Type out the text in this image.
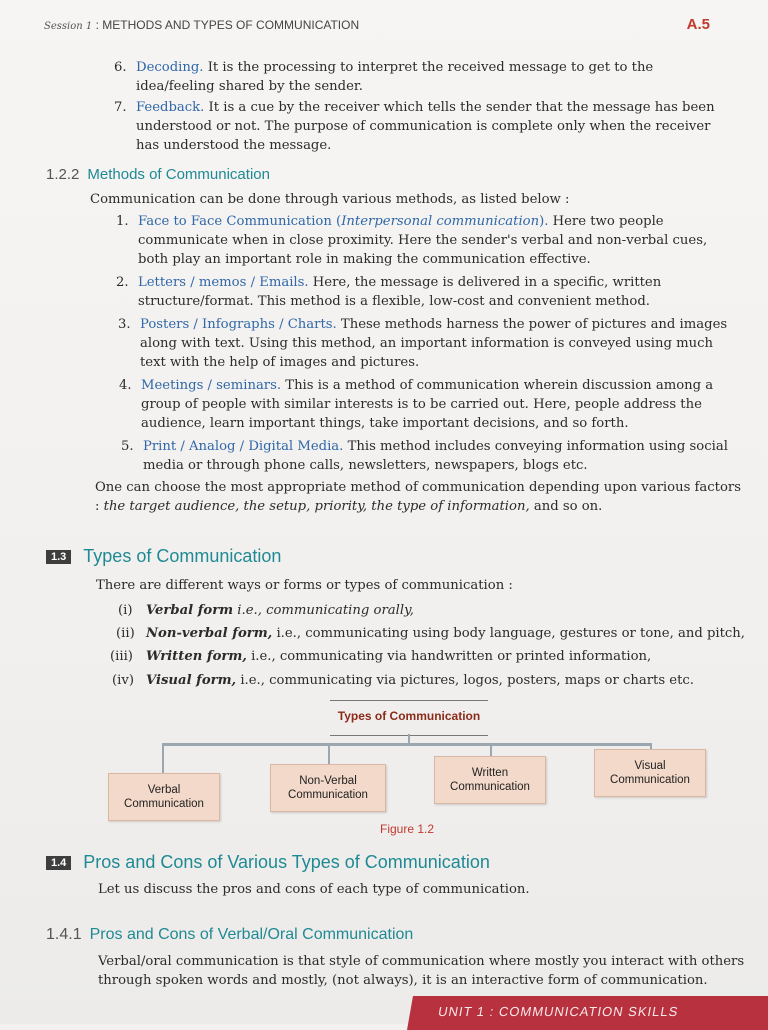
Session 1 : METHODS AND TYPES OF COMMUNICATION	A.5
6. Decoding. It is the processing to interpret the received message to get to the idea/feeling shared by the sender.
7. Feedback. It is a cue by the receiver which tells the sender that the message has been understood or not. The purpose of communication is complete only when the receiver has understood the message.
1.2.2 Methods of Communication
Communication can be done through various methods, as listed below :
1. Face to Face Communication (Interpersonal communication). Here two people communicate when in close proximity. Here the sender's verbal and non-verbal cues, both play an important role in making the communication effective.
2. Letters / memos / Emails. Here, the message is delivered in a specific, written structure/format. This method is a flexible, low-cost and convenient method.
3. Posters / Infographs / Charts. These methods harness the power of pictures and images along with text. Using this method, an important information is conveyed using much text with the help of images and pictures.
4. Meetings / seminars. This is a method of communication wherein discussion among a group of people with similar interests is to be carried out. Here, people address the audience, learn important things, take important decisions, and so forth.
5. Print / Analog / Digital Media. This method includes conveying information using social media or through phone calls, newsletters, newspapers, blogs etc.
One can choose the most appropriate method of communication depending upon various factors : the target audience, the setup, priority, the type of information, and so on.
1.3 Types of Communication
There are different ways or forms or types of communication :
(i) Verbal form i.e., communicating orally,
(ii) Non-verbal form, i.e., communicating using body language, gestures or tone, and pitch,
(iii) Written form, i.e., communicating via handwritten or printed information,
(iv) Visual form, i.e., communicating via pictures, logos, posters, maps or charts etc.
Types of Communication
Verbal Communication
Non-Verbal Communication
Written Communication
Visual Communication
Figure 1.2
1.4 Pros and Cons of Various Types of Communication
Let us discuss the pros and cons of each type of communication.
1.4.1 Pros and Cons of Verbal/Oral Communication
Verbal/oral communication is that style of communication where mostly you interact with others through spoken words and mostly, (not always), it is an interactive form of communication.
UNIT 1 : COMMUNICATION SKILLS
